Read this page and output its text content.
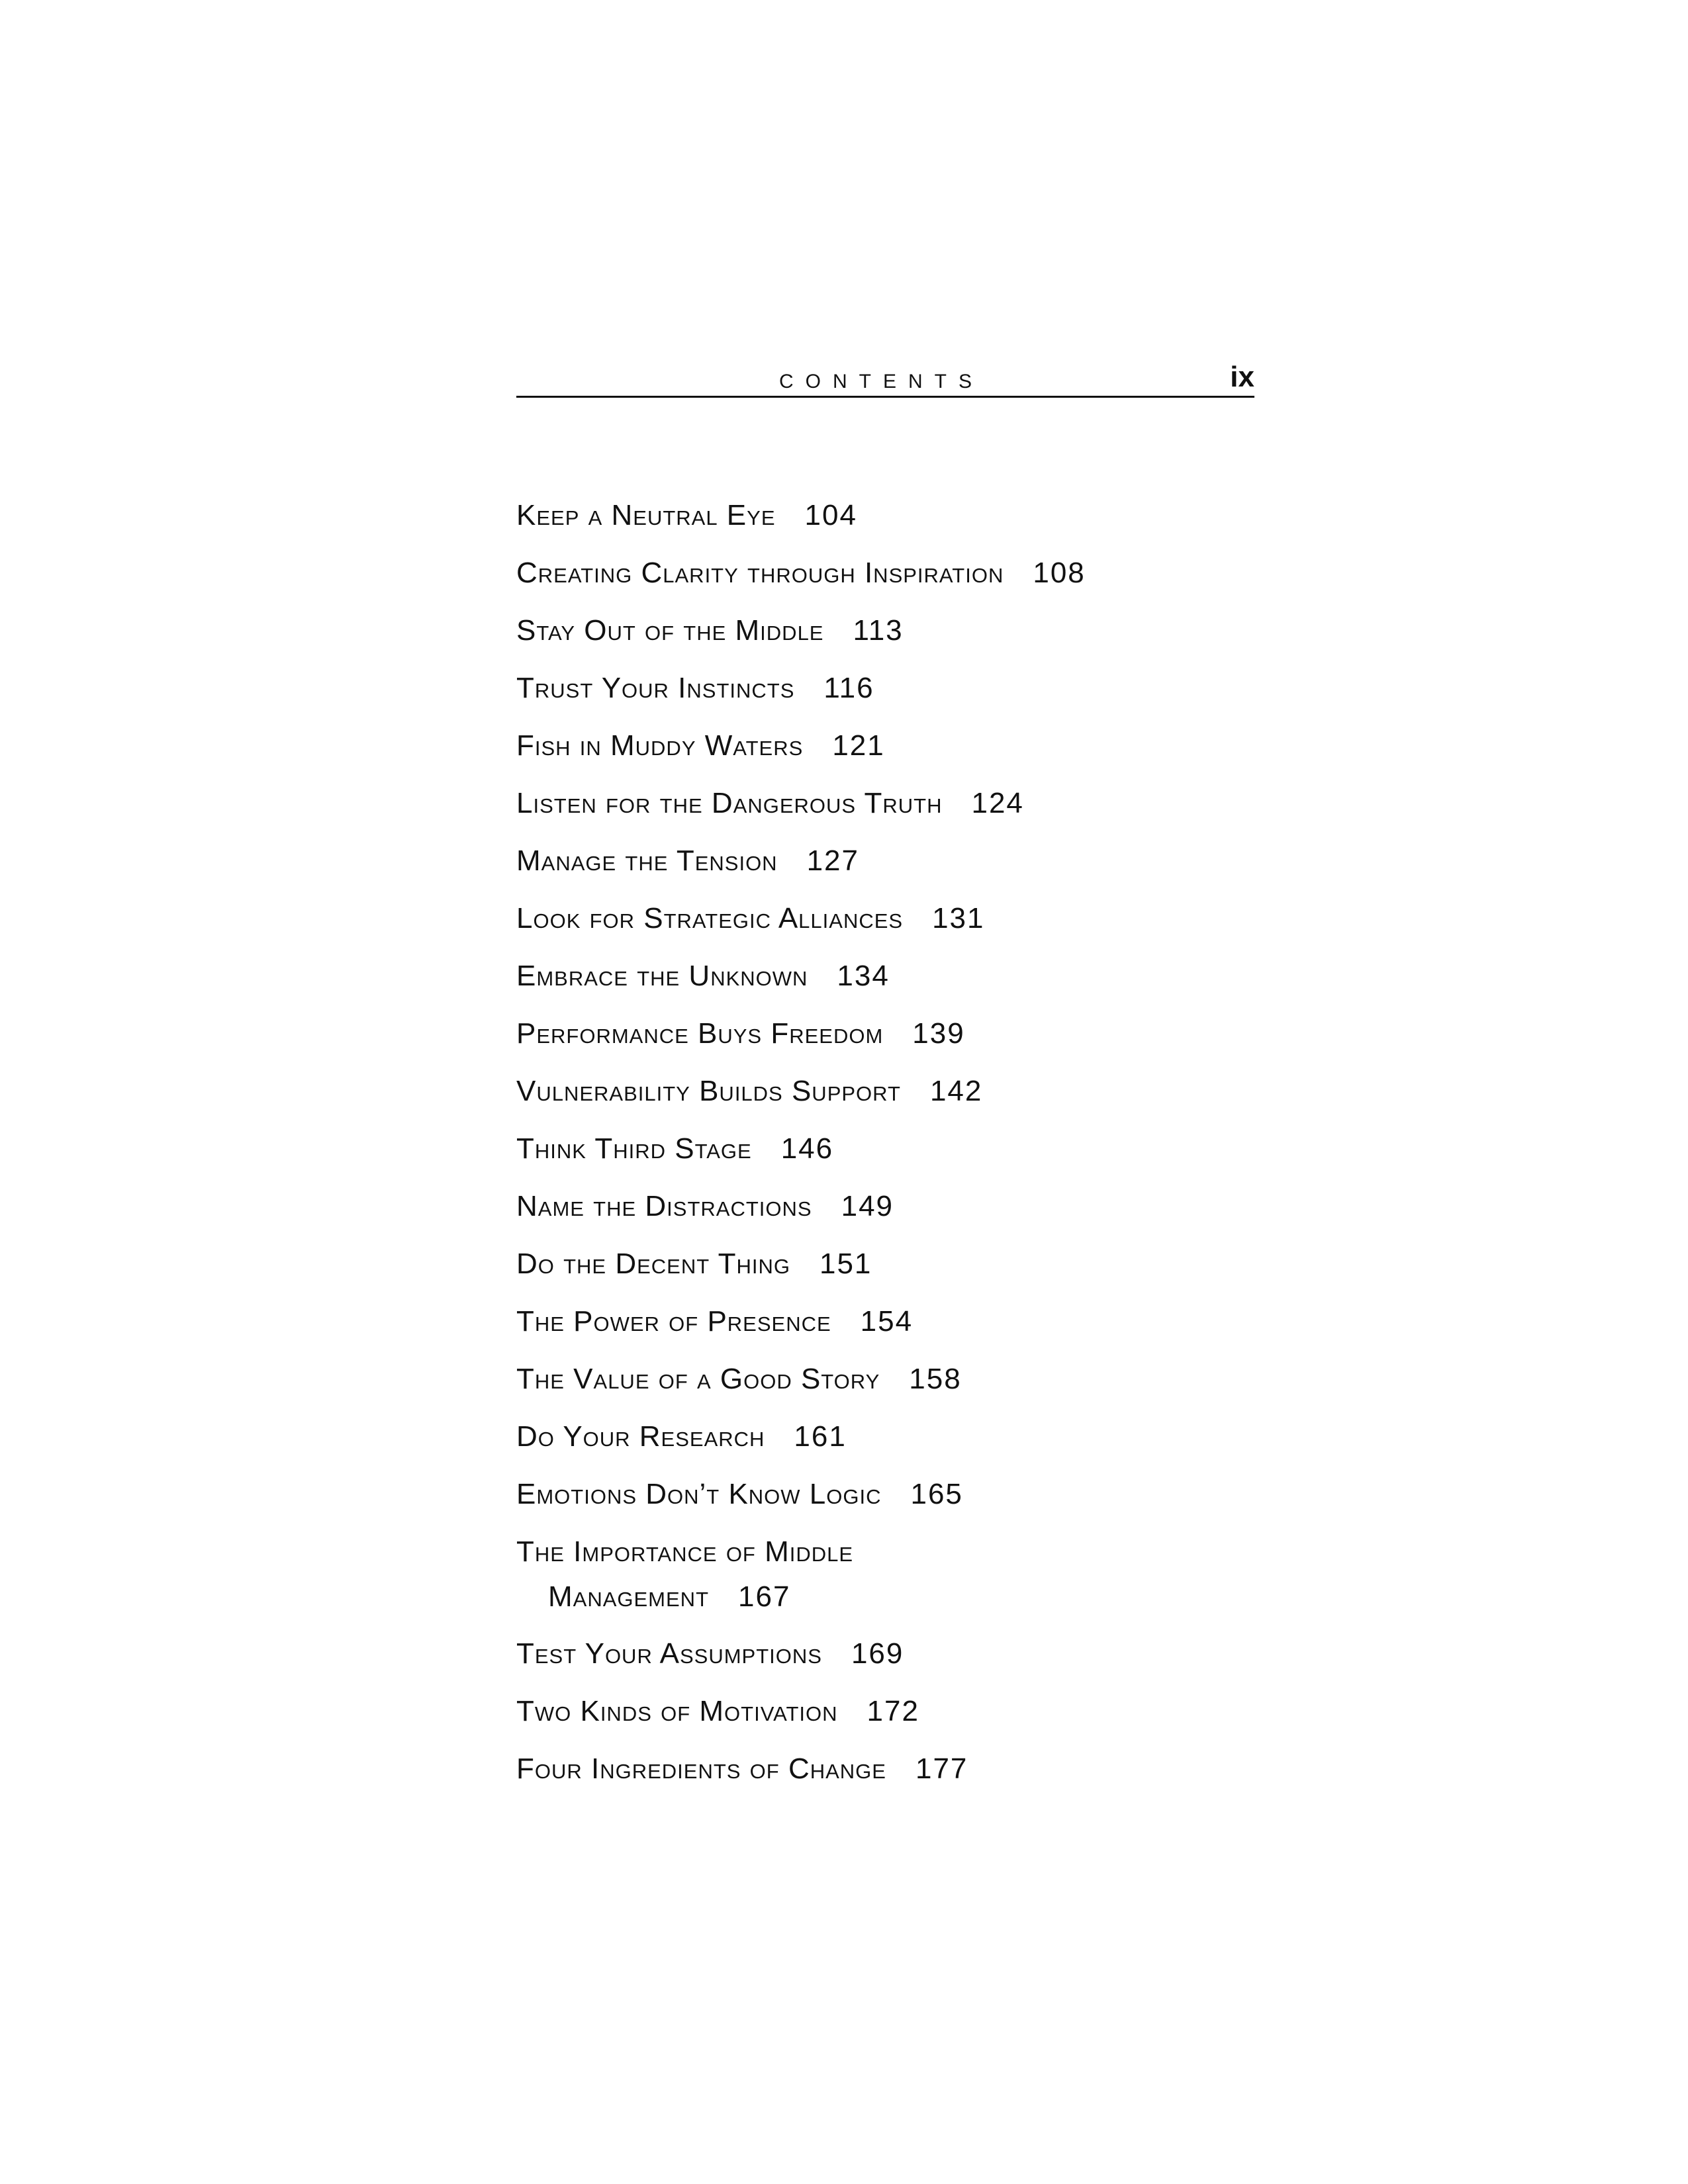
CONTENTS	ix
Keep a Neutral Eye 104
Creating Clarity through Inspiration 108
Stay Out of the Middle 113
Trust Your Instincts 116
Fish in Muddy Waters 121
Listen for the Dangerous Truth 124
Manage the Tension 127
Look for Strategic Alliances 131
Embrace the Unknown 134
Performance Buys Freedom 139
Vulnerability Builds Support 142
Think Third Stage 146
Name the Distractions 149
Do the Decent Thing 151
The Power of Presence 154
The Value of a Good Story 158
Do Your Research 161
Emotions Don’t Know Logic 165
The Importance of Middle
Management 167
Test Your Assumptions 169
Two Kinds of Motivation 172
Four Ingredients of Change 177
